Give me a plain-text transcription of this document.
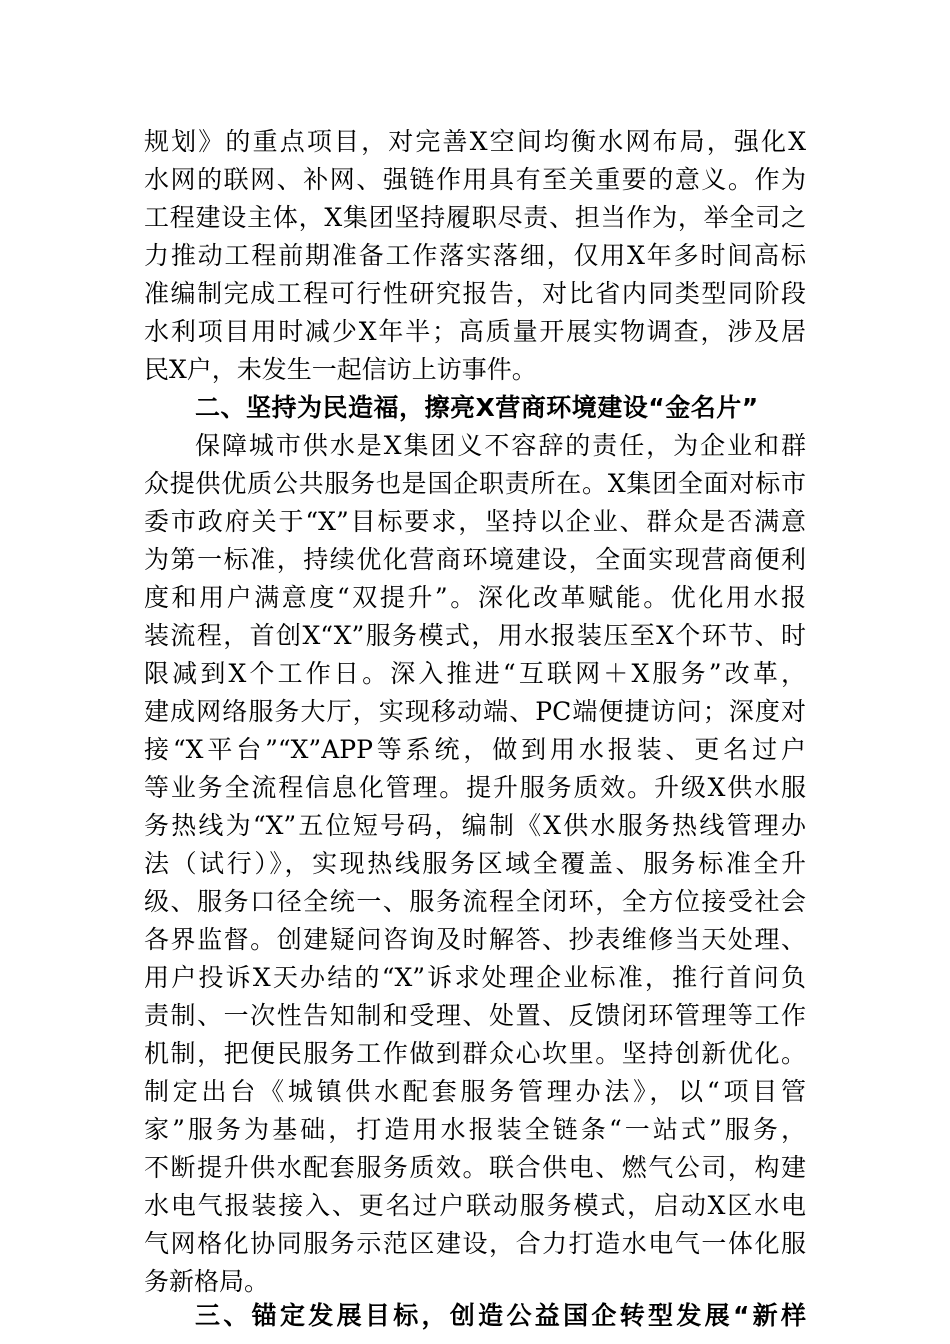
规划》的重点项目，对完善X空间均衡水网布局，强化X
水网的联网、补网、强链作用具有至关重要的意义。作为
工程建设主体，X集团坚持履职尽责、担当作为，举全司之
力推动工程前期准备工作落实落细，仅用X年多时间高标
准编制完成工程可行性研究报告，对比省内同类型同阶段
水利项目用时减少X年半；高质量开展实物调查，涉及居
民X户，未发生一起信访上访事件。
二、坚持为民造福，擦亮X营商环境建设“金名片”
保障城市供水是X集团义不容辞的责任，为企业和群
众提供优质公共服务也是国企职责所在。X集团全面对标市
委市政府关于“X”目标要求，坚持以企业、群众是否满意
为第一标准，持续优化营商环境建设，全面实现营商便利
度和用户满意度“双提升”。深化改革赋能。优化用水报
装流程，首创X“X”服务模式，用水报装压至X个环节、时
限减到X个工作日。深入推进“互联网＋X服务”改革，
建成网络服务大厅，实现移动端、PC端便捷访问；深度对
接“X平台”“X”APP等系统，做到用水报装、更名过户
等业务全流程信息化管理。提升服务质效。升级X供水服
务热线为“X”五位短号码，编制《X供水服务热线管理办
法（试行）》，实现热线服务区域全覆盖、服务标准全升
级、服务口径全统一、服务流程全闭环，全方位接受社会
各界监督。创建疑问咨询及时解答、抄表维修当天处理、
用户投诉X天办结的“X”诉求处理企业标准，推行首问负
责制、一次性告知制和受理、处置、反馈闭环管理等工作
机制，把便民服务工作做到群众心坎里。坚持创新优化。
制定出台《城镇供水配套服务管理办法》，以“项目管
家”服务为基础，打造用水报装全链条“一站式”服务，
不断提升供水配套服务质效。联合供电、燃气公司，构建
水电气报装接入、更名过户联动服务模式，启动X区水电
气网格化协同服务示范区建设，合力打造水电气一体化服
务新格局。
三、锚定发展目标，创造公益国企转型发展“新样
